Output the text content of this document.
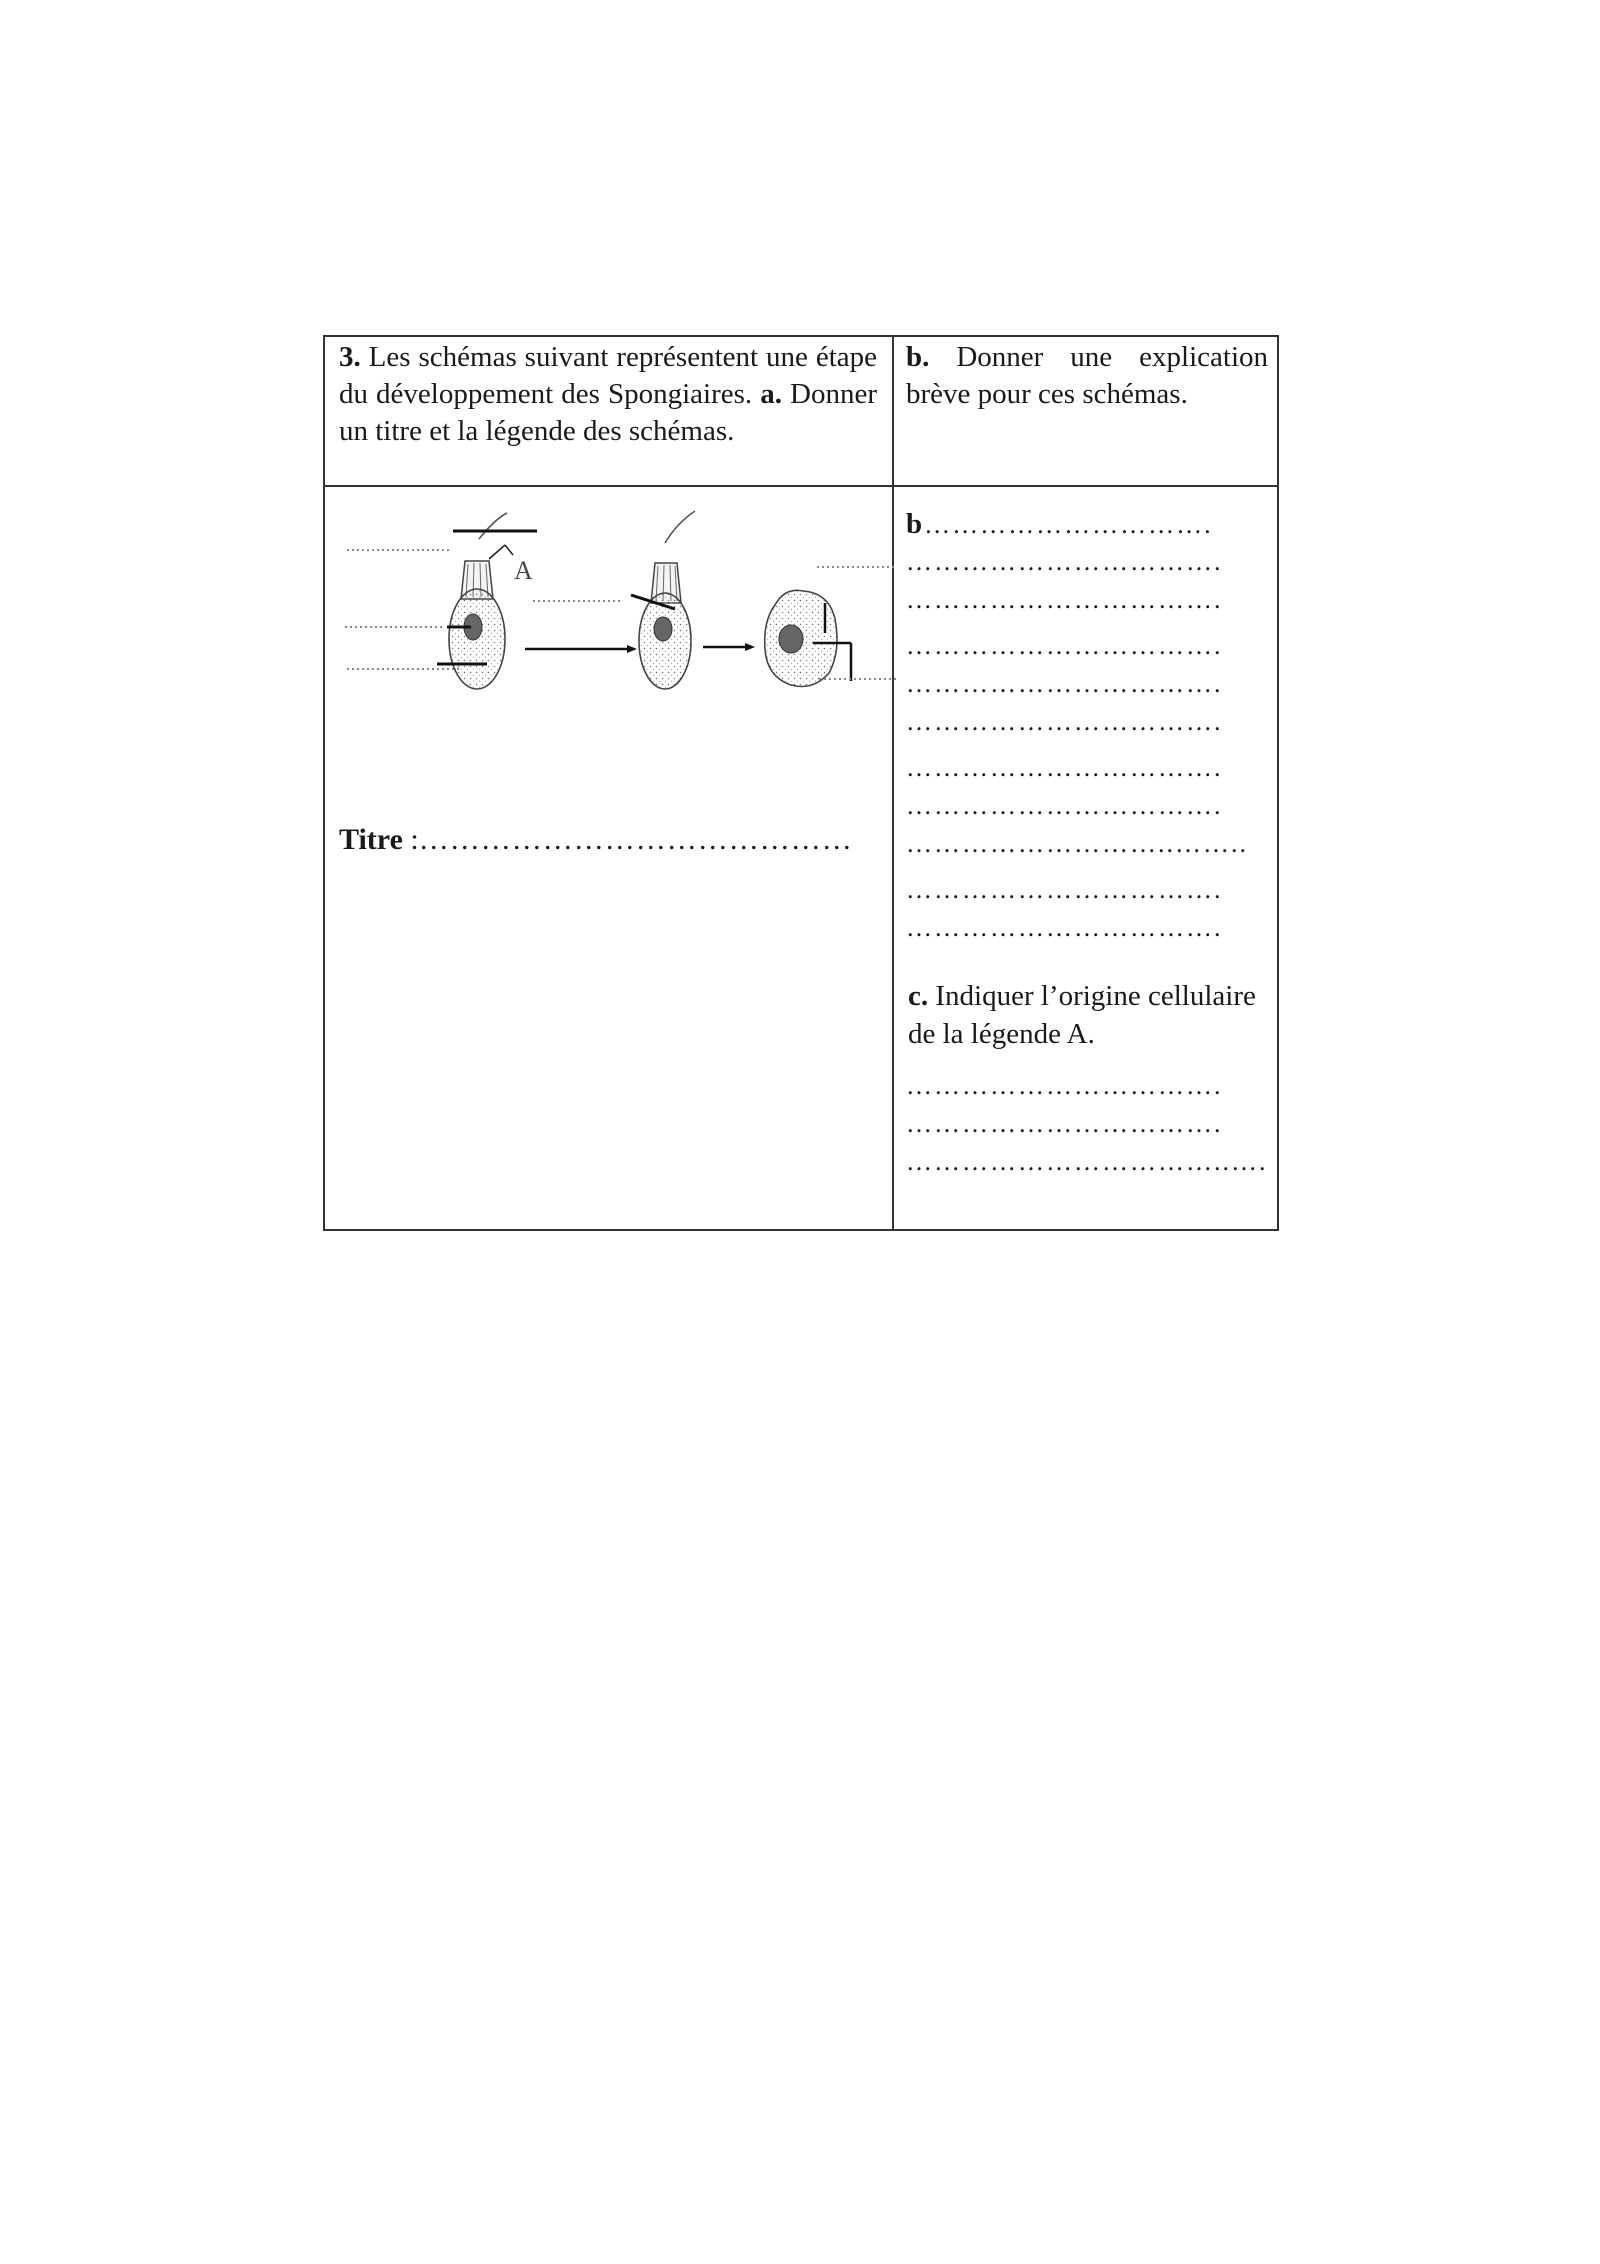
3. Les schémas suivant représentent une étape du développement des Spongiaires. a. Donner un titre et la légende des schémas.
b. Donner une explication brève pour ces schémas.
A
Titre :……………………………………
b………………………….
…………………………….
…………………………….
…………………………….
…………………………….
…………………………….
…………………………….
…………………………….
………………………..……..
…………………………….
…………………………….
c. Indiquer l’origine cellulaire de la légende A.
…………………………….
…………………………….
……………………………..….
